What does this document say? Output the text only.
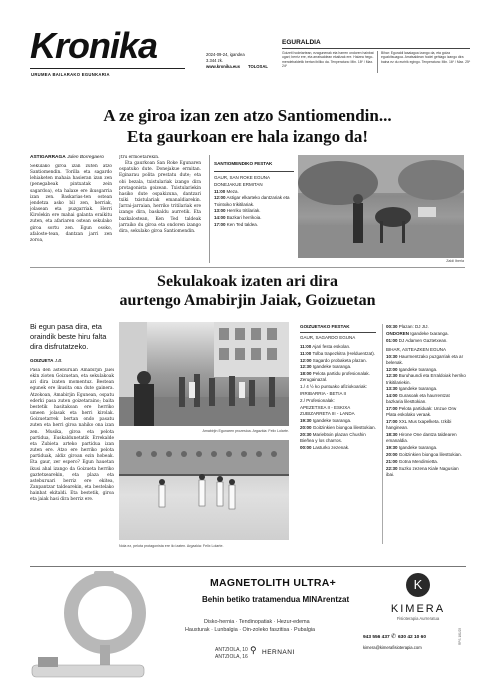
Kronika
URUMEA BAILARAKO EGUNKARIA
2024-09-24, igandea
3.344 zk.
www.kronika.eus TOLOSAL
EGURALDIA
Goizeti hodeiartean, ezagunenak eta harren ondoren hainbat ugari; berriz ere, eta arratsaldean ekaitzak ere. Haizea hego-mendebaldetik bertan ibiliko da. Tenperatura: Min. 18º / Max. 24º
Bihar: Eguraldi lasaiagoa izango da, eta goiza eguzkitsuagoa. Arratsaldean hodei gehiago izango dira baina ez du euririk egingo. Tenperatura: Min. 16º / Max. 25º
A ze giroa izan zen atzo Santiomendin...
Eta gaurkoan ere hala izango da!
ASTIGARRAGA Julen Borregaero

Sekulako giroa izan zuten atzo Santiomendin. Torilla eta sagardo lehiaketen mahaia hasieran izan zen (penegabeak pintxatak zein sagardoa), eta halaxe ere ikusgarria izan zen. Baskarias-ten ostean jendetza asko bil zen, herriak, jolasean eta puzgarriak. Herri Kirolekin ere mahai galanta eraikitu zuten, eta afariaren ostean sekulako giroa sortu zen. Egun osoko, afaloste-tean, dantzan jarri zen zoroa,

Jtru ermoetarekin.

Eta gaurkoan San Roke Egunaren ospatuko dute. Donejakue ermitan. Eginarau polita prestatu dute; eta obi bezala, txistulariak izango dira protagonista goizean. Txistulariekin hasiko dute ospakizuna, dantzari txiki txistulariak emanaldiarekin. Jarrai-jarraian, herriko tritilariak ere izango dira, baskaldu aurretik. Eta bazkalostean, Ken Ted taldeak jarraiko du giroa eta ondoren izango dira, sekulako giroa Santiomendin.

SANTIOMENDIKO FESTAK
GAUR, SAN ROKE EGUNA
DONEJAKUE ERMITAN
11:00 Meza.
12:00 Astigar elkarteko dantzariak eta Txintxiko trikitilariak.
13:00 Herriko tritilariak.
14:00 Bazkari herrikoia.
17:00 Ken Ted taldea.
Zaldi Iberia
Sekulakoak izaten ari dira
aurtengo Amabirjin Jaiak, Goizuetan
Bi egun pasa dira, eta oraindik beste hiru falta dira disfrutatzeko.
GOIZUETA J.B.

Pasa den asteburuan Amabirjin Jaiei ekin zioten Goizuetan, eta sekulakoak ari dira izaten momentuz. Bestean egunek ere ikusita ona dute gainera. Atzokoan, Amabirjin Egunean, ospatu ederki pasa zuten goizetaraino; baita bestetik hasitakoan ere herriko umeen jolasak eta herri kirolak. Goizuetarrek bertan ondo pasatu zuten eta herri giroa nahiko ona izan zen. Musika, giroa eta pelota partidua, Euskaldunetatik Errekalde eta Zubieta arteko partidua izan zuten ere. Atzo ere herriko pelota partiduak, aldiz giroan ezin hobeak. Eta gaur, zer espero? Egun hauetan ikusi ahal izango da Goizueta herriko gaztetxearekin, eta plaza eta asteburuari berriz ere ekitea, Zanpantzar taldearekin, eta bestelako hainbat ekitaldi. Eta bestetik, giroa eta jaiak hasi dira berriz ere.

Amabirjin Egunaren prozesioa. Argazkia: Felix Lolarte.
Nola ez, pelota protagonista ere ilo izaten. Argazkia: Felix Lolarte.
GOIZUETAKO FESTAK
GAUR, SAGARDO EGUNA
11:00 Ajari festa eskolan.
11:00 Tolba trapezkitra (Helduentzat).
12:00 Sagardo probaketa plazan.
12:30 Igandeke txaranga.
18:00 Pelota partidu profesionalak. Zerugainazal.
1./ 4 ½ ko puntuako afiziokoariak:
IRRIBARRIA - BETIA II
2./ Profesionalak:
APEZETXEA II - ESKIXA
ZUBIZARRETA III - LANDA
19:30 Igandeke txaranga.
20:00 Goitzinkien biongoa lilesttokian.
20:30 Mariebtxin plazan Chushin Bieñea y los charros.
00:00 Lasturko zezenak.
00:30 Plazan: DJ JIJ.
ONDOREN Igandeke txaranga.
01:00 DJ Adamen Gaztetxean.
BIHAR, ASTEAZKEN EGUNA
10:30 Haurmentzako puzgarriak eta ar belenak.
12:00 Igandeke txaranga.
12:30 Buruhaundi eta Erraldoiak herriko trikitilariekin.
13:30 Igandeke txaranga.
14:00 Gurasoak eta haurrentzat bazkaria lilesttokian.
17:00 Pelota partiduak: Unzue Orw Plata eskolako veraak.
17:00 XXL Mus txapelketa. Izkibi hanginean.
18:30 Hirone One dantza taldearen emanaldia.
19:30 Igandeke txaranga.
20:00 Goitzinkien biongoa lilesttokian.
21:00 Gotna Mendimietta.
22:30 Suzko zezena Kiale Nagusian ibai.
MAGNETOLITH ULTRA+
Behin betiko tratamendua MINArentzat
Disko-hernia · Tendinopatiak · Hezur-edema
Hausturak · Lunbalgia · Oin-zoleko faszitisa · Pubalgia
ANTZIOLA, 10
ANTZIOLA, 16
⚲ HERNANI
K
KIMERA
Fisioterapia Aurreratua
943 556 437 ✆ 630 42 10 60
kimera@kimerafisioterapia.com
RPS 181/25
